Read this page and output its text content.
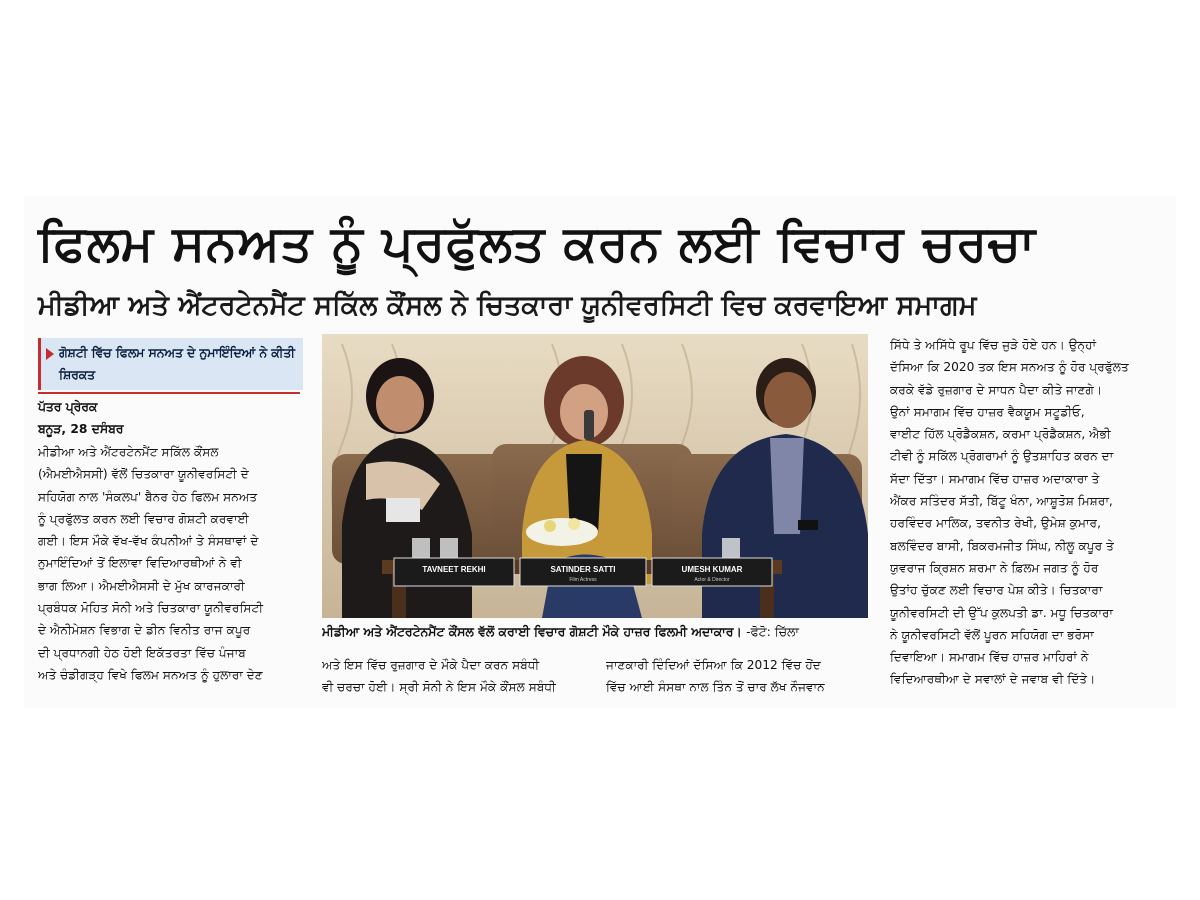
ਫਿਲਮ ਸਨਅਤ ਨੂੰ ਪ੍ਰਫੁੱਲਤ ਕਰਨ ਲਈ ਵਿਚਾਰ ਚਰਚਾ
ਮੀਡੀਆ ਅਤੇ ਐਂਟਰਟੇਨਮੈਂਟ ਸਕਿੱਲ ਕੌਂਸਲ ਨੇ ਚਿਤਕਾਰਾ ਯੂਨੀਵਰਸਿਟੀ ਵਿਚ ਕਰਵਾਇਆ ਸਮਾਗਮ
ਗੋਸ਼ਟੀ ਵਿੱਚ ਫਿਲਮ ਸਨਅਤ ਦੇ ਨੁਮਾਇੰਦਿਆਂ ਨੇ ਕੀਤੀ ਸ਼ਿਰਕਤ
ਪੱਤਰ ਪ੍ਰੇਰਕ
ਬਨੂੜ, 28 ਦਸੰਬਰ
ਮੀਡੀਆ ਅਤੇ ਐਂਟਰਟੇਨਮੈਂਟ ਸਕਿੱਲ ਕੌਂਸਲ
(ਐਮਈਐਸਸੀ) ਵੱਲੋਂ ਚਿਤਕਾਰਾ ਯੂਨੀਵਰਸਿਟੀ ਦੇ
ਸਹਿਯੋਗ ਨਾਲ 'ਸੰਕਲਪ' ਬੈਨਰ ਹੇਠ ਫਿਲਮ ਸਨਅਤ
ਨੂੰ ਪ੍ਰਫੁੱਲਤ ਕਰਨ ਲਈ ਵਿਚਾਰ ਗੋਸ਼ਟੀ ਕਰਵਾਈ
ਗਈ। ਇਸ ਮੌਕੇ ਵੱਖ-ਵੱਖ ਕੰਪਨੀਆਂ ਤੇ ਸੰਸਥਾਵਾਂ ਦੇ
ਨੁਮਾਇੰਦਿਆਂ ਤੋਂ ਇਲਾਵਾ ਵਿਦਿਆਰਥੀਆਂ ਨੇ ਵੀ
ਭਾਗ ਲਿਆ। ਐਮਈਐਸਸੀ ਦੇ ਮੁੱਖ ਕਾਰਜਕਾਰੀ
ਪ੍ਰਬੰਧਕ ਮੋਹਿਤ ਸੋਨੀ ਅਤੇ ਚਿਤਕਾਰਾ ਯੂਨੀਵਰਸਿਟੀ
ਦੇ ਐਨੀਮੇਸ਼ਨ ਵਿਭਾਗ ਦੇ ਡੀਨ ਵਿਨੀਤ ਰਾਜ ਕਪੂਰ
ਦੀ ਪ੍ਰਧਾਨਗੀ ਹੇਠ ਹੋਈ ਇਕੱਤਰਤਾ ਵਿੱਚ ਪੰਜਾਬ
ਅਤੇ ਚੰਡੀਗੜ੍ਹ ਵਿਖੇ ਫਿਲਮ ਸਨਅਤ ਨੂੰ ਹੁਲਾਰਾ ਦੇਣ
TAVNEET REKHI	SATINDER SATTI	UMESH KUMAR
Film Actress	Actor & Director
ਮੀਡੀਆ ਅਤੇ ਐਂਟਰਟੇਨਮੈਂਟ ਕੌਂਸਲ ਵੱਲੋਂ ਕਰਾਈ ਵਿਚਾਰ ਗੋਸ਼ਟੀ ਮੌਕੇ ਹਾਜ਼ਰ ਫਿਲਮੀ ਅਦਾਕਾਰ। -ਫੋਟੋ: ਚਿੱਲਾ
ਅਤੇ ਇਸ ਵਿੱਚ ਰੁਜ਼ਗਾਰ ਦੇ ਮੌਕੇ ਪੈਦਾ ਕਰਨ ਸਬੰਧੀ
ਵੀ ਚਰਚਾ ਹੋਈ। ਸ੍ਰੀ ਸੋਨੀ ਨੇ ਇਸ ਮੌਕੇ ਕੌਂਸਲ ਸਬੰਧੀ
ਜਾਣਕਾਰੀ ਦਿੰਦਿਆਂ ਦੱਸਿਆ ਕਿ 2012 ਵਿੱਚ ਹੋਂਦ
ਵਿੱਚ ਆਈ ਸੰਸਥਾ ਨਾਲ ਤਿੰਨ ਤੋਂ ਚਾਰ ਲੱਖ ਨੌਜਵਾਨ
ਸਿੱਧੇ ਤੇ ਅਸਿੱਧੇ ਰੂਪ ਵਿੱਚ ਜੁੜੇ ਹੋਏ ਹਨ। ਉਨ੍ਹਾਂ
ਦੱਸਿਆ ਕਿ 2020 ਤਕ ਇਸ ਸਨਅਤ ਨੂੰ ਹੋਰ ਪ੍ਰਫੁੱਲਤ
ਕਰਕੇ ਵੱਡੇ ਰੁਜ਼ਗਾਰ ਦੇ ਸਾਧਨ ਪੈਦਾ ਕੀਤੇ ਜਾਣਗੇ।
ਉਨਾਂ ਸਮਾਗਮ ਵਿੱਚ ਹਾਜ਼ਰ ਵੈਕਯੂਮ ਸਟੂਡੀਓ,
ਵਾਈਟ ਹਿੱਲ ਪ੍ਰੋਡੈਕਸ਼ਨ, ਕਰਮਾ ਪ੍ਰੋਡੈਕਸ਼ਨ, ਐਭੀ
ਟੀਵੀ ਨੂੰ ਸਕਿੱਲ ਪ੍ਰੋਗਰਾਮਾਂ ਨੂੰ ਉਤਸ਼ਾਹਿਤ ਕਰਨ ਦਾ
ਸੱਦਾ ਦਿੱਤਾ। ਸਮਾਗਮ ਵਿੱਚ ਹਾਜ਼ਰ ਅਦਾਕਾਰਾ ਤੇ
ਐਂਕਰ ਸਤਿੰਦਰ ਸੱਤੀ, ਬਿੱਟੂ ਖੰਨਾ, ਆਸ਼ੂਤੋਸ਼ ਮਿਸ਼ਰਾ,
ਹਰਵਿੰਦਰ ਮਾਲਿਕ, ਤਵਨੀਤ ਰੇਖੀ, ਉਮੇਸ਼ ਕੁਮਾਰ,
ਬਲਵਿੰਦਰ ਬਾਸੀ, ਬਿਕਰਮਜੀਤ ਸਿੰਘ, ਨੀਲੂ ਕਪੂਰ ਤੇ
ਯੁਵਰਾਜ ਕ੍ਰਿਸ਼ਨ ਸ਼ਰਮਾ ਨੇ ਫ਼ਿਲਮ ਜਗਤ ਨੂੰ ਹੋਰ
ਉਤਾਂਹ ਚੁੱਕਣ ਲਈ ਵਿਚਾਰ ਪੇਸ਼ ਕੀਤੇ। ਚਿਤਕਾਰਾ
ਯੂਨੀਵਰਸਿਟੀ ਦੀ ਉੱਪ ਕੁਲਪਤੀ ਡਾ. ਮਧੂ ਚਿਤਕਾਰਾ
ਨੇ ਯੂਨੀਵਰਸਿਟੀ ਵੱਲੋਂ ਪੂਰਨ ਸਹਿਯੋਗ ਦਾ ਭਰੋਸਾ
ਦਿਵਾਇਆ। ਸਮਾਗਮ ਵਿੱਚ ਹਾਜ਼ਰ ਮਾਹਿਰਾਂ ਨੇ
ਵਿਦਿਆਰਥੀਆ ਦੇ ਸਵਾਲਾਂ ਦੇ ਜਵਾਬ ਵੀ ਦਿੱਤੇ।
